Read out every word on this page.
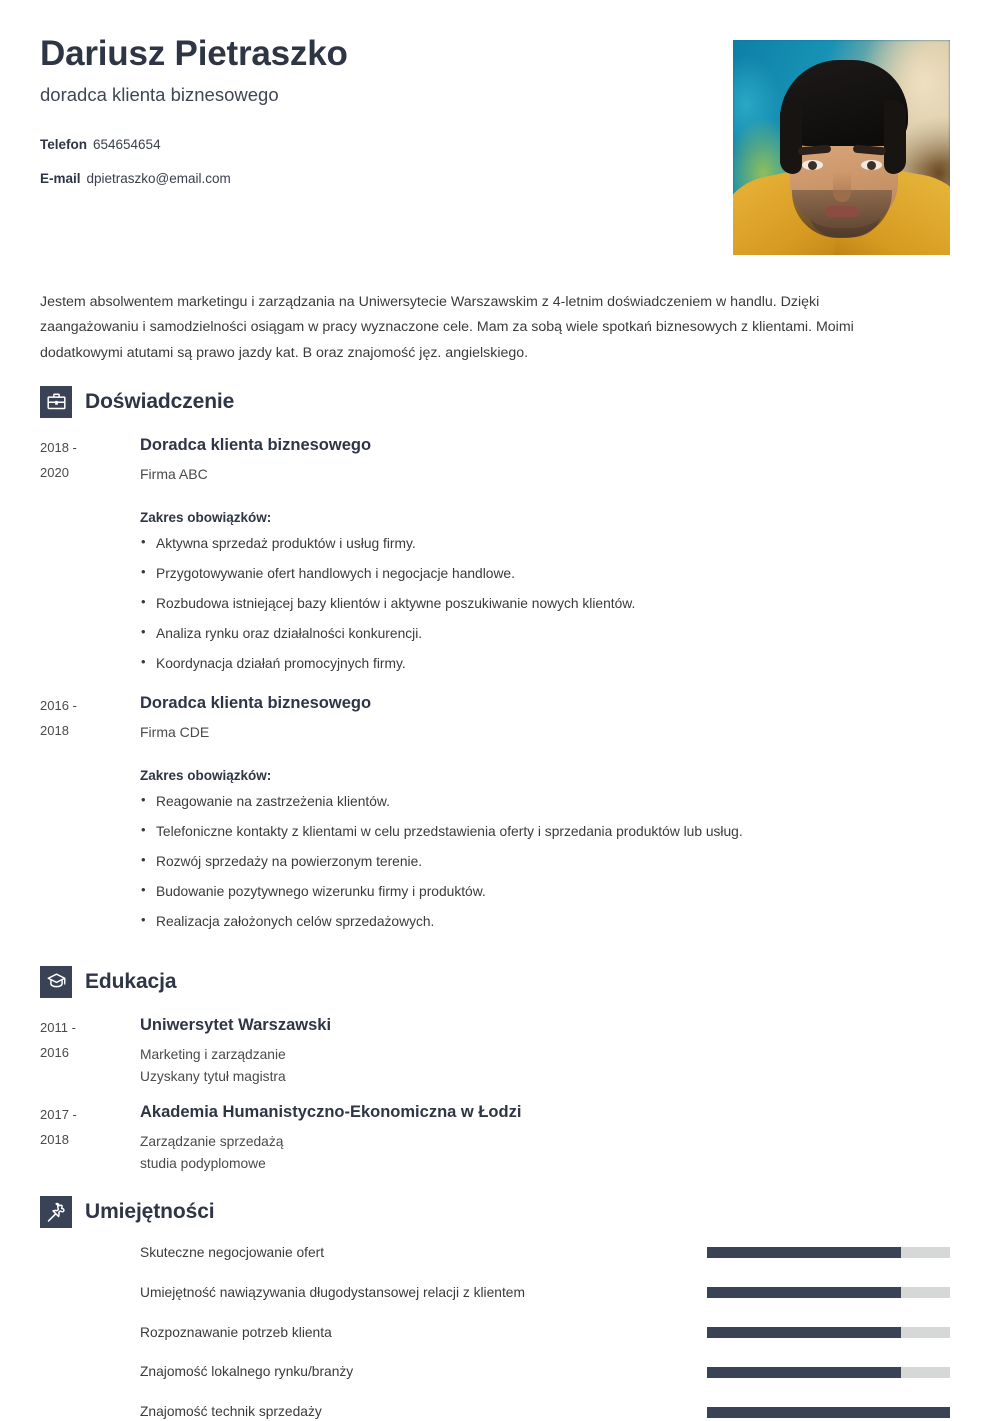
Dariusz Pietraszko
doradca klienta biznesowego
Telefon 654654654
E-mail dpietraszko@email.com
Jestem absolwentem marketingu i zarządzania na Uniwersytecie Warszawskim z 4-letnim doświadczeniem w handlu. Dzięki zaangażowaniu i samodzielności osiągam w pracy wyznaczone cele. Mam za sobą wiele spotkań biznesowych z klientami. Moimi dodatkowymi atutami są prawo jazdy kat. B oraz znajomość jęz. angielskiego.
Doświadczenie
2018 -
2020
Doradca klienta biznesowego
Firma ABC
Zakres obowiązków:
• Aktywna sprzedaż produktów i usług firmy.
• Przygotowywanie ofert handlowych i negocjacje handlowe.
• Rozbudowa istniejącej bazy klientów i aktywne poszukiwanie nowych klientów.
• Analiza rynku oraz działalności konkurencji.
• Koordynacja działań promocyjnych firmy.
2016 -
2018
Doradca klienta biznesowego
Firma CDE
Zakres obowiązków:
• Reagowanie na zastrzeżenia klientów.
• Telefoniczne kontakty z klientami w celu przedstawienia oferty i sprzedania produktów lub usług.
• Rozwój sprzedaży na powierzonym terenie.
• Budowanie pozytywnego wizerunku firmy i produktów.
• Realizacja założonych celów sprzedażowych.
Edukacja
2011 -
2016
Uniwersytet Warszawski
Marketing i zarządzanie
Uzyskany tytuł magistra
2017 -
2018
Akademia Humanistyczno-Ekonomiczna w Łodzi
Zarządzanie sprzedażą
studia podyplomowe
Umiejętności
Skuteczne negocjowanie ofert
Umiejętność nawiązywania długodystansowej relacji z klientem
Rozpoznawanie potrzeb klienta
Znajomość lokalnego rynku/branży
Znajomość technik sprzedaży
